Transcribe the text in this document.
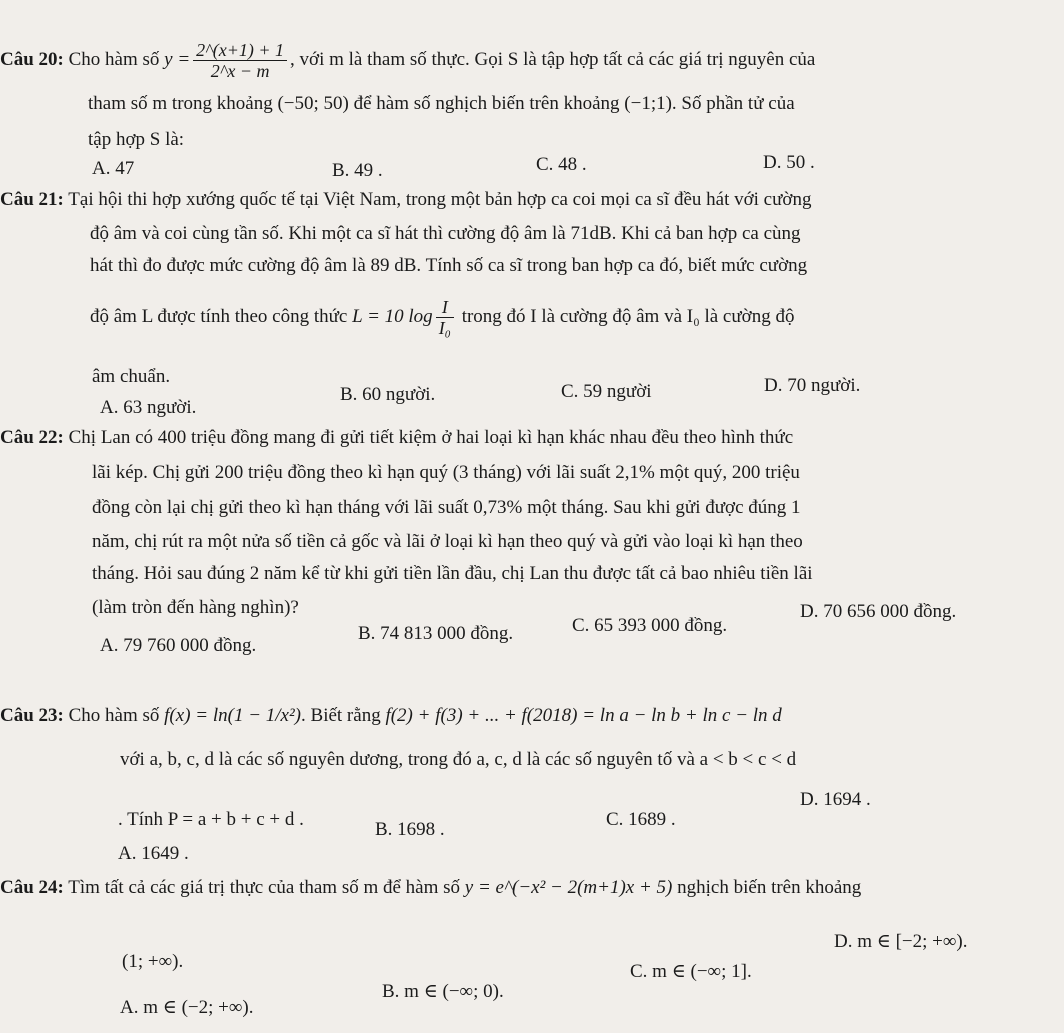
Câu 20: Cho hàm số $y = \frac{2\^{}(x+1) + 1}{2\^{}x - m}$ , với m là tham số thực. Gọi S là tập hợp tất cả các giá trị nguyên của
tham số m trong khoảng (−50; 50) để hàm số nghịch biến trên khoảng (−1;1). Số phần tử của
tập hợp S là:
A. 47	B. 49 .	C. 48 .	D. 50 .
Câu 21: Tại hội thi hợp xướng quốc tế tại Việt Nam, trong một bản hợp ca coi mọi ca sĩ đều hát với cường
độ âm và coi cùng tần số. Khi một ca sĩ hát thì cường độ âm là 71dB. Khi cả ban hợp ca cùng
hát thì đo được mức cường độ âm là 89 dB. Tính số ca sĩ trong ban hợp ca đó, biết mức cường
độ âm L được tính theo công thức L = 10 $\log \frac{I}{\text{I₀}}$ trong đó I là cường độ âm và I₀ là cường độ
âm chuẩn.
A. 63 người.
B. 60 người.	C. 59 người	D. 70 người.
Câu 22: Chị Lan có 400 triệu đồng mang đi gửi tiết kiệm ở hai loại kì hạn khác nhau đều theo hình thức
lãi kép. Chị gửi 200 triệu đồng theo kì hạn quý (3 tháng) với lãi suất 2,1% một quý, 200 triệu
đồng còn lại chị gửi theo kì hạn tháng với lãi suất 0,73% một tháng. Sau khi gửi được đúng 1
năm, chị rút ra một nửa số tiền cả gốc và lãi ở loại kì hạn theo quý và gửi vào loại kì hạn theo
tháng. Hỏi sau đúng 2 năm kể từ khi gửi tiền lần đầu, chị Lan thu được tất cả bao nhiêu tiền lãi
(làm tròn đến hàng nghìn)?
A. 79 760 000 đồng.
B. 74 813 000 đồng.	C. 65 393 000 đồng.
D. 70 656 000 đồng.
Câu 23: Cho hàm số f(x) = ln(1 − 1/x²). Biết rằng f(2) + f(3) + ... + f(2018) = ln a − ln b + ln c − ln d
với a, b, c, d là các số nguyên dương, trong đó a, c, d là các số nguyên tố và a < b < c < d
. Tính P = a + b + c + d .
A. 1649 .
B. 1698 .	C. 1689 .
D. 1694 .
Câu 24: Tìm tất cả các giá trị thực của tham số m để hàm số y = e^(−x² − 2(m+1)x + 5) nghịch biến trên khoảng
(1; +∞).
A. m ∈ (−2; +∞).
B. m ∈ (−∞; 0).
C. m ∈ (−∞; 1].
D. m ∈ [−2; +∞).
